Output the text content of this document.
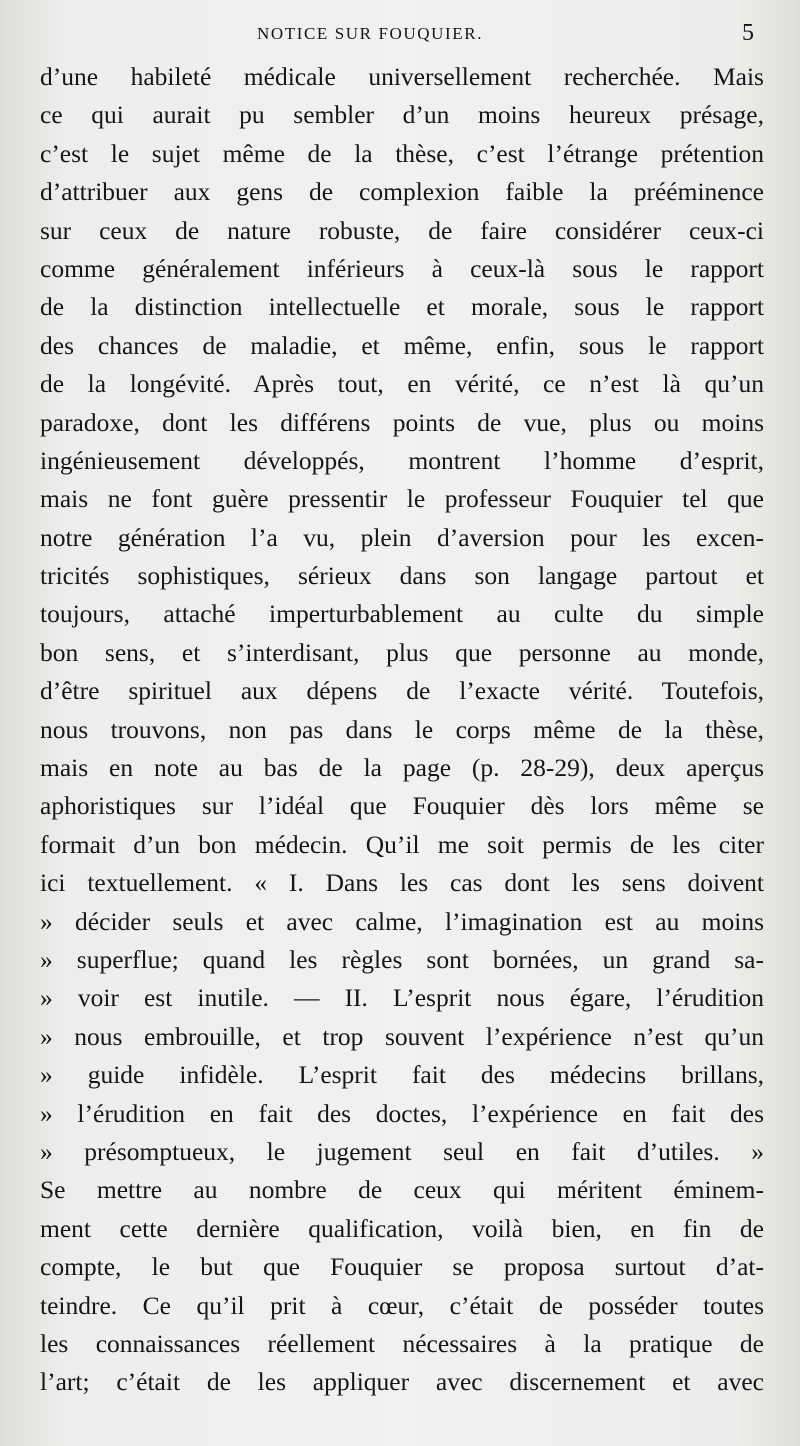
NOTICE SUR FOUQUIER.	5
d’une habileté médicale universellement recherchée. Mais
ce qui aurait pu sembler d’un moins heureux présage,
c’est le sujet même de la thèse, c’est l’étrange prétention
d’attribuer aux gens de complexion faible la prééminence
sur ceux de nature robuste, de faire considérer ceux-ci
comme généralement inférieurs à ceux-là sous le rapport
de la distinction intellectuelle et morale, sous le rapport
des chances de maladie, et même, enfin, sous le rapport
de la longévité. Après tout, en vérité, ce n’est là qu’un
paradoxe, dont les différens points de vue, plus ou moins
ingénieusement développés, montrent l’homme d’esprit,
mais ne font guère pressentir le professeur Fouquier tel que
notre génération l’a vu, plein d’aversion pour les excen-
tricités sophistiques, sérieux dans son langage partout et
toujours, attaché imperturbablement au culte du simple
bon sens, et s’interdisant, plus que personne au monde,
d’être spirituel aux dépens de l’exacte vérité. Toutefois,
nous trouvons, non pas dans le corps même de la thèse,
mais en note au bas de la page (p. 28-29), deux aperçus
aphoristiques sur l’idéal que Fouquier dès lors même se
formait d’un bon médecin. Qu’il me soit permis de les citer
ici textuellement. « I. Dans les cas dont les sens doivent
» décider seuls et avec calme, l’imagination est au moins
» superflue; quand les règles sont bornées, un grand sa-
» voir est inutile. — II. L’esprit nous égare, l’érudition
» nous embrouille, et trop souvent l’expérience n’est qu’un
» guide infidèle. L’esprit fait des médecins brillans,
» l’érudition en fait des doctes, l’expérience en fait des
» présomptueux, le jugement seul en fait d’utiles. »
Se mettre au nombre de ceux qui méritent éminem-
ment cette dernière qualification, voilà bien, en fin de
compte, le but que Fouquier se proposa surtout d’at-
teindre. Ce qu’il prit à cœur, c’était de posséder toutes
les connaissances réellement nécessaires à la pratique de
l’art; c’était de les appliquer avec discernement et avec
